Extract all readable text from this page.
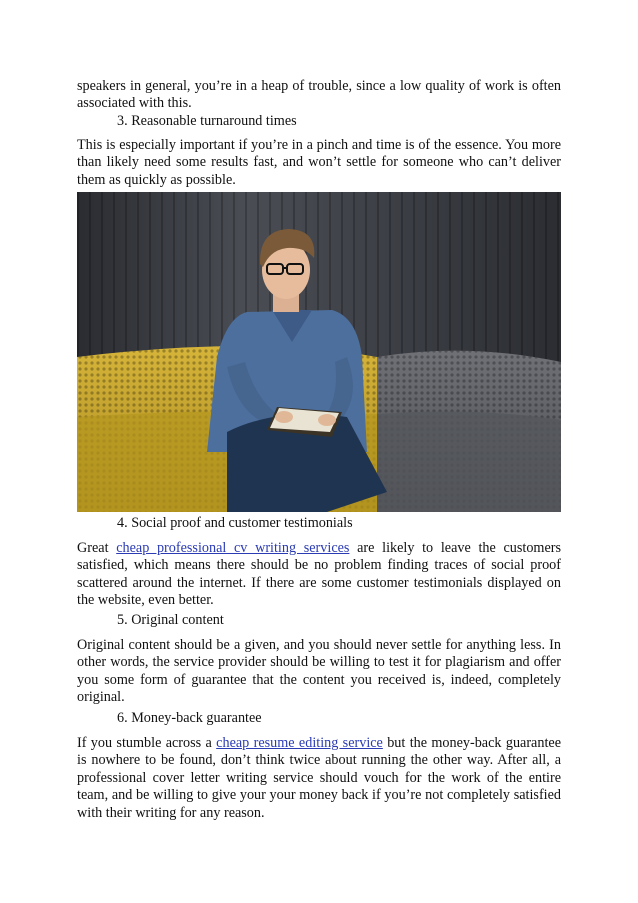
speakers in general, you’re in a heap of trouble, since a low quality of work is often associated with this.
3. Reasonable turnaround times
This is especially important if you’re in a pinch and time is of the essence. You more than likely need some results fast, and won’t settle for someone who can’t deliver them as quickly as possible.
4. Social proof and customer testimonials
Great cheap professional cv writing services are likely to leave the customers satisfied, which means there should be no problem finding traces of social proof scattered around the internet. If there are some customer testimonials displayed on the website, even better.
5. Original content
Original content should be a given, and you should never settle for anything less. In other words, the service provider should be willing to test it for plagiarism and offer you some form of guarantee that the content you received is, indeed, completely original.
6. Money-back guarantee
If you stumble across a cheap resume editing service but the money-back guarantee is nowhere to be found, don’t think twice about running the other way. After all, a professional cover letter writing service should vouch for the work of the entire team, and be willing to give your your money back if you’re not completely satisfied with their writing for any reason.
